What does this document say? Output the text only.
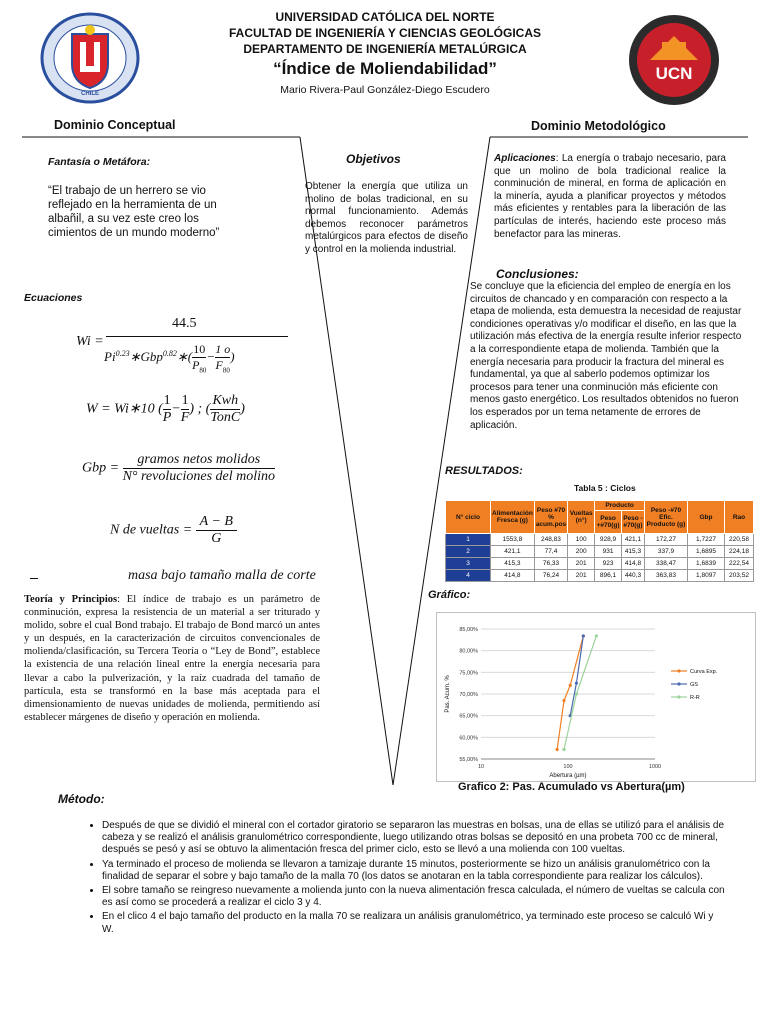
CHILE
UCN
UNIVERSIDAD CATÓLICA DEL NORTE
FACULTAD DE INGENIERÍA Y CIENCIAS GEOLÓGICAS
DEPARTAMENTO DE INGENIERÍA METALÚRGICA
“Índice de Moliendabilidad”
Mario Rivera-Paul González-Diego Escudero
Dominio Conceptual	Dominio Metodológico
Fantasía o Metáfora:
“El trabajo de un herrero se vio reflejado en la herramienta de un albañil, a su vez este creo los cimientos de un mundo moderno”
Ecuaciones
Wi =
44.5
$Pi^{0.23}∗Gbp^{0.82}∗( \frac{10}{P_{80}} - \frac{1 o}{F_{80}}$ )
W = Wi∗10 ( $\frac{1}{P} - \frac{1}{F}$ ) ; (
Kwh
TonC
)
Gbp =
gramos netos molidos
N° revoluciones del molino
N de vueltas = $\frac{A - B}{G}$
masa bajo tamaño malla de corte
Teoría y Principios: El índice de trabajo es un parámetro de conminución, expresa la resistencia de un material a ser triturado y molido, sobre el cual Bond trabajo. El trabajo de Bond marcó un antes y un después, en la caracterización de circuitos convencionales de molienda/clasificación, su Tercera Teoría o “Ley de Bond”, establece la existencia de una relación lineal entre la energía necesaria para llevar a cabo la pulverización, y la raíz cuadrada del tamaño de partícula, esta se transformó en la base más aceptada para el dimensionamiento de nuevas unidades de molienda, permitiendo así establecer márgenes de diseño y operación en molienda.
Objetivos
Obtener la energía que utiliza un molino de bolas tradicional, en su normal funcionamiento. Además debemos reconocer parámetros metalúrgicos para efectos de diseño y control en la molienda industrial.
Aplicaciones: La energía o trabajo necesario, para que un molino de bola tradicional realice la conminución de mineral, en forma de aplicación en la minería, ayuda a planificar proyectos y métodos más eficientes y rentables para la liberación de las partículas de interés, haciendo este proceso más benefactor para las mineras.
Conclusiones:
Se concluye que la eficiencia del empleo de energía en los circuitos de chancado y en comparación con respecto a la etapa de molienda, esta demuestra la necesidad de reajustar condiciones operativas y/o modificar el diseño, en las que la utilización más efectiva de la energía resulte inferior respecto a la correspondiente etapa de molienda. También que la energía necesaria para producir la fractura del mineral es fundamental, ya que al saberlo podemos optimizar los procesos para tener una conminución más eficiente con menos gasto energético. Los resultados obtenidos no fueron los esperados por un tema netamente de errores de aplicación.
RESULTADOS:
Tabla 5 : Ciclos
N° ciclo	Alimentación Fresca (g)	Peso #70 % acum.pos	Vueltas (n°)	Producto		Peso -#70 Efic. Producto (g)	Gbp	Rao
				Peso +#70(g)	Peso -#70(g)			
1	1553,8	248,83	100	928,9	421,1	172,27	1,7227	220,58
2	421,1	77,4	200	931	415,3	337,9	1,6895	224,18
3	415,3	76,33	201	923	414,8	338,47	1,6839	222,54
4	414,8	76,24	201	896,1	440,3	363,83	1,8097	203,52
Gráfico:
55,00%
60,00%
65,00%
70,00%
75,00%
80,00%
85,00%
10	100	1000
Abertura (µm)
Pas. Acum. %
Curva Exp.
GS
R-R
Grafico 2: Pas. Acumulado vs Abertura(µm)
Método:
• Después de que se dividió el mineral con el cortador giratorio se separaron las muestras en bolsas, una de ellas se utilizó para el análisis de cabeza y se realizó el análisis granulométrico correspondiente, luego utilizando otras bolsas se depositó en una probeta 700 cc de mineral, después se pesó y así se obtuvo la alimentación fresca del primer ciclo, esto se llevó a una molienda con 100 vueltas.
• Ya terminado el proceso de molienda se llevaron a tamizaje durante 15 minutos, posteriormente se hizo un análisis granulométrico con la finalidad de separar el sobre y bajo tamaño de la malla 70 (los datos se anotaran en la tabla correspondiente para realizar los cálculos).
• El sobre tamaño se reingreso nuevamente a molienda junto con la nueva alimentación fresca calculada, el número de vueltas se calcula con es así como se procederá a realizar el ciclo 3 y 4.
• En el clico 4 el bajo tamaño del producto en la malla 70 se realizara un análisis granulométrico, ya terminado este proceso se calculó Wi y W.
